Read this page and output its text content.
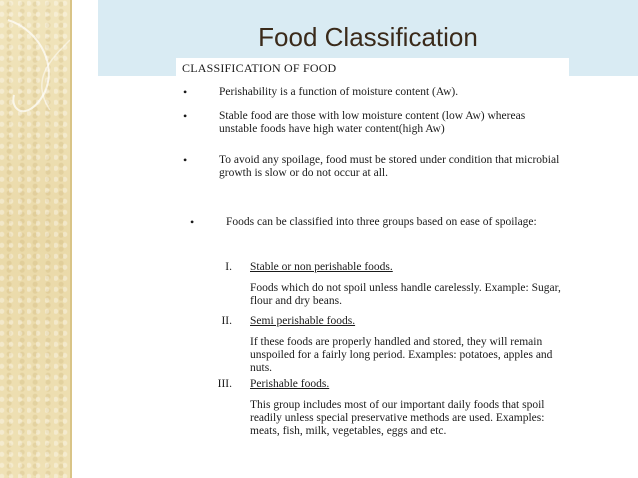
Food Classification
CLASSIFICATION OF FOOD
•	Perishability is a function of moisture content (Aw).
•	Stable food are those with low moisture content (low Aw) whereas unstable foods have high water content(high Aw)
•	To avoid any spoilage, food must be stored under condition that microbial growth is slow or do not occur at all.
•	Foods can be classified into three groups based on ease of spoilage:
I. Stable or non perishable foods.
Foods which do not spoil unless handle carelessly. Example: Sugar, flour and dry beans.
II. Semi perishable foods.
If these foods are properly handled and stored, they will remain unspoiled for a fairly long period. Examples: potatoes, apples and nuts.
III. Perishable foods.
This group includes most of our important daily foods that spoil readily unless special preservative methods are used. Examples: meats, fish, milk, vegetables, eggs and etc.
